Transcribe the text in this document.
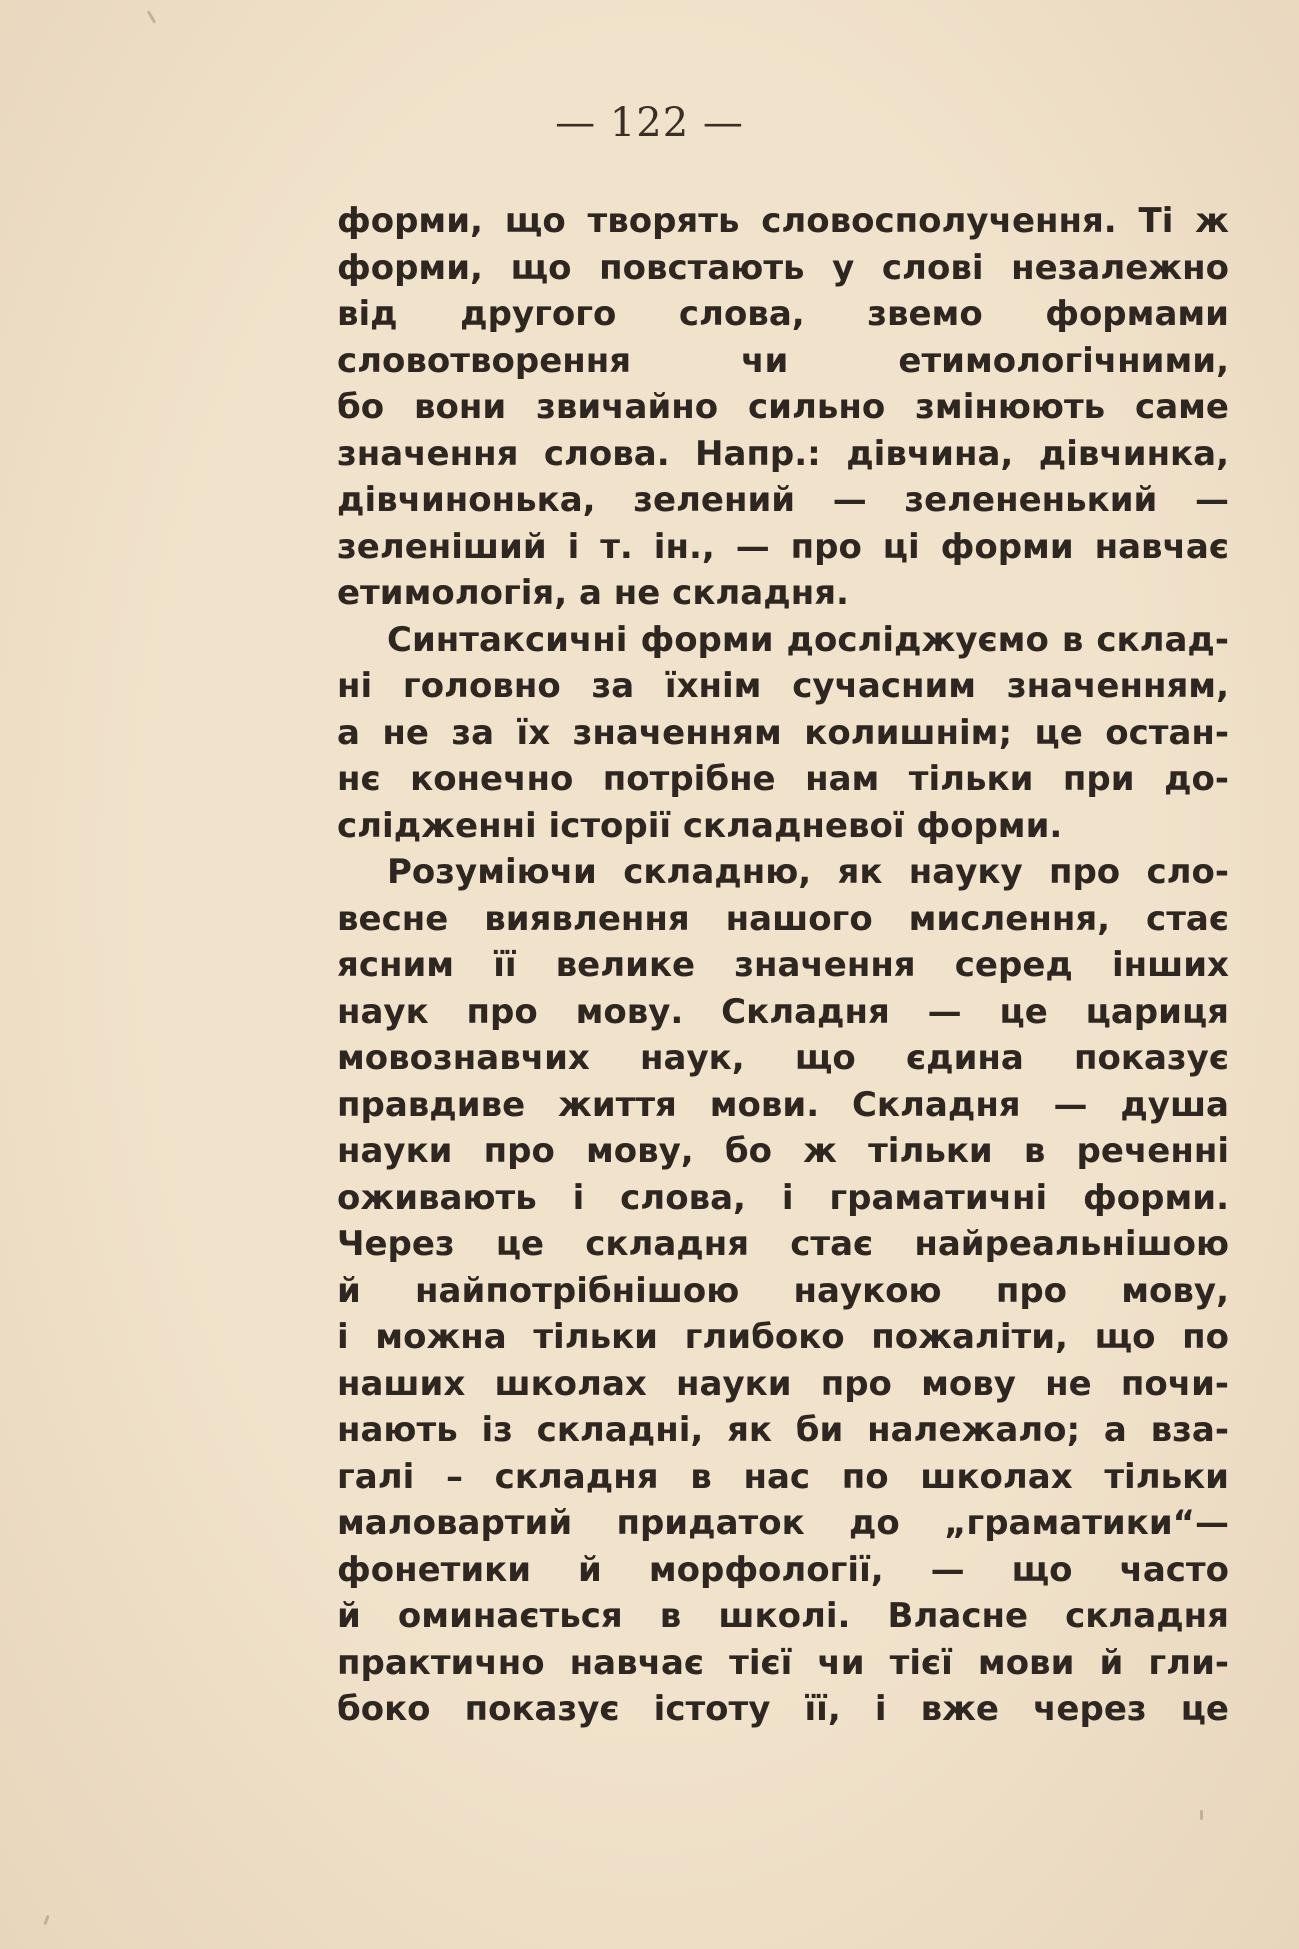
— 122 —
форми, що творять словосполучення. Ті ж
форми, що повстають у слові незалежно
від другого слова, звемо формами
словотворення чи етимологічними,
бо вони звичайно сильно змінюють саме
значення слова. Напр.: дівчина, дівчинка,
дівчинонька, зелений — зелененький —
зеленіший і т. ін., — про ці форми навчає
етимологія, а не складня.
Синтаксичні форми досліджуємо в склад-
ні головно за їхнім сучасним значенням,
а не за їх значенням колишнім; це остан-
нє конечно потрібне нам тільки при до-
слідженні історії складневої форми.
Розуміючи складню, як науку про сло-
весне виявлення нашого мислення, стає
ясним її велике значення серед інших
наук про мову. Складня — це цариця
мовознавчих наук, що єдина показує
правдиве життя мови. Складня — душа
науки про мову, бо ж тільки в реченні
оживають і слова, і граматичні форми.
Через це складня стає найреальнішою
й найпотрібнішою наукою про мову,
і можна тільки глибоко пожаліти, що по
наших школах науки про мову не почи-
нають із складні, як би належало; а вза-
галі – складня в нас по школах тільки
маловартий придаток до „граматики“—
фонетики й морфології, — що часто
й оминається в школі. Власне складня
практично навчає тієї чи тієї мови й гли-
боко показує істоту її, і вже через це
